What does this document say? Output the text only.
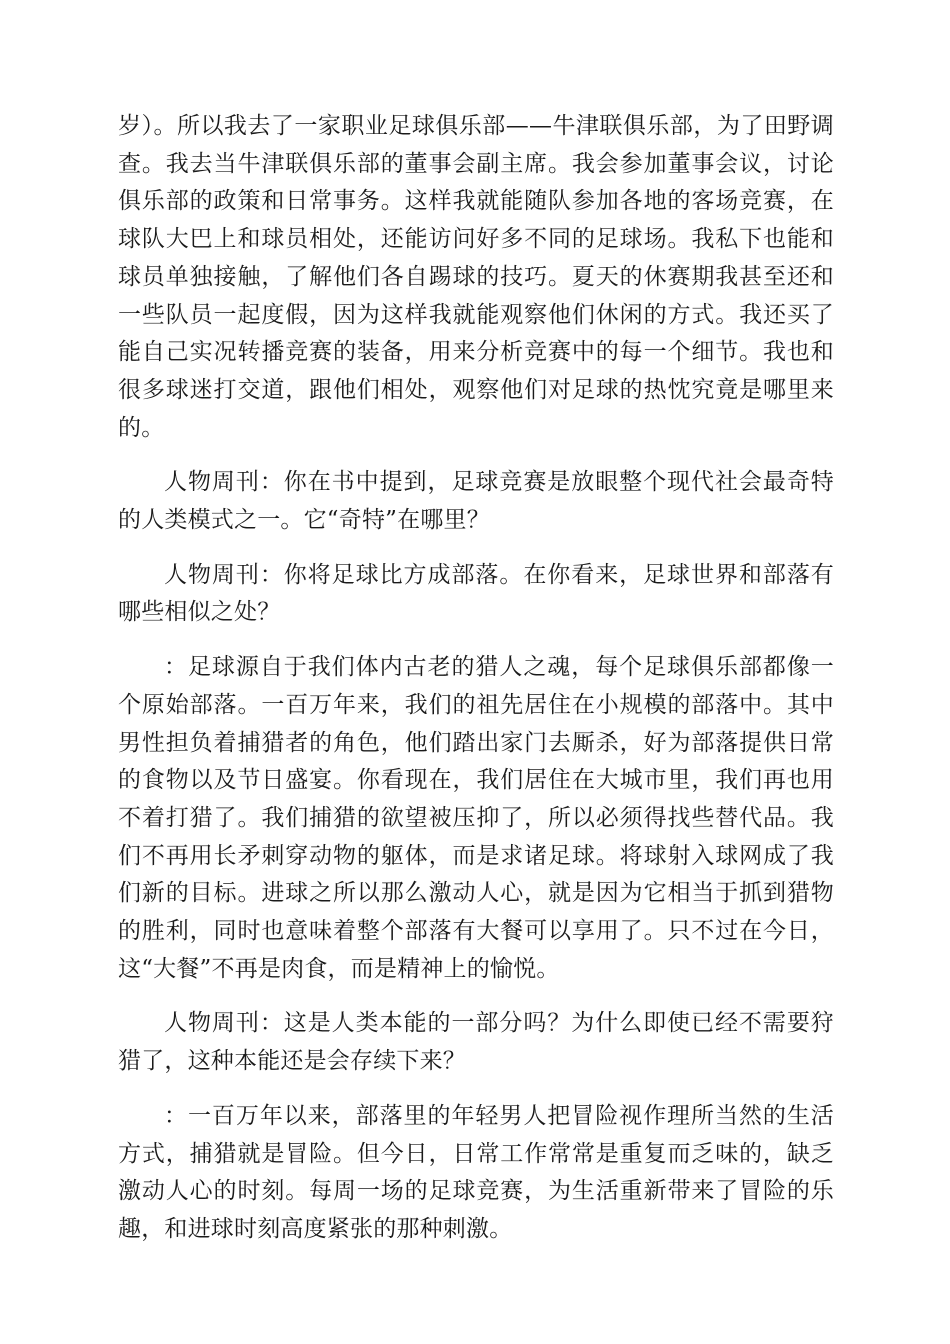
岁）。所以我去了一家职业足球俱乐部——牛津联俱乐部，为了田野调查。我去当牛津联俱乐部的董事会副主席。我会参加董事会议，讨论俱乐部的政策和日常事务。这样我就能随队参加各地的客场竞赛，在球队大巴上和球员相处，还能访问好多不同的足球场。我私下也能和球员单独接触，了解他们各自踢球的技巧。夏天的休赛期我甚至还和一些队员一起度假，因为这样我就能观察他们休闲的方式。我还买了能自己实况转播竞赛的装备，用来分析竞赛中的每一个细节。我也和很多球迷打交道，跟他们相处，观察他们对足球的热忱究竟是哪里来的。

人物周刊：你在书中提到，足球竞赛是放眼整个现代社会最奇特的人类模式之一。它“奇特”在哪里？

人物周刊：你将足球比方成部落。在你看来，足球世界和部落有哪些相似之处？

：足球源自于我们体内古老的猎人之魂，每个足球俱乐部都像一个原始部落。一百万年来，我们的祖先居住在小规模的部落中。其中男性担负着捕猎者的角色，他们踏出家门去厮杀，好为部落提供日常的食物以及节日盛宴。你看现在，我们居住在大城市里，我们再也用不着打猎了。我们捕猎的欲望被压抑了，所以必须得找些替代品。我们不再用长矛刺穿动物的躯体，而是求诸足球。将球射入球网成了我们新的目标。进球之所以那么激动人心，就是因为它相当于抓到猎物的胜利，同时也意味着整个部落有大餐可以享用了。只不过在今日，这“大餐”不再是肉食，而是精神上的愉悦。

人物周刊：这是人类本能的一部分吗？为什么即使已经不需要狩猎了，这种本能还是会存续下来？

：一百万年以来，部落里的年轻男人把冒险视作理所当然的生活方式，捕猎就是冒险。但今日，日常工作常常是重复而乏味的，缺乏激动人心的时刻。每周一场的足球竞赛，为生活重新带来了冒险的乐趣，和进球时刻高度紧张的那种刺激。
